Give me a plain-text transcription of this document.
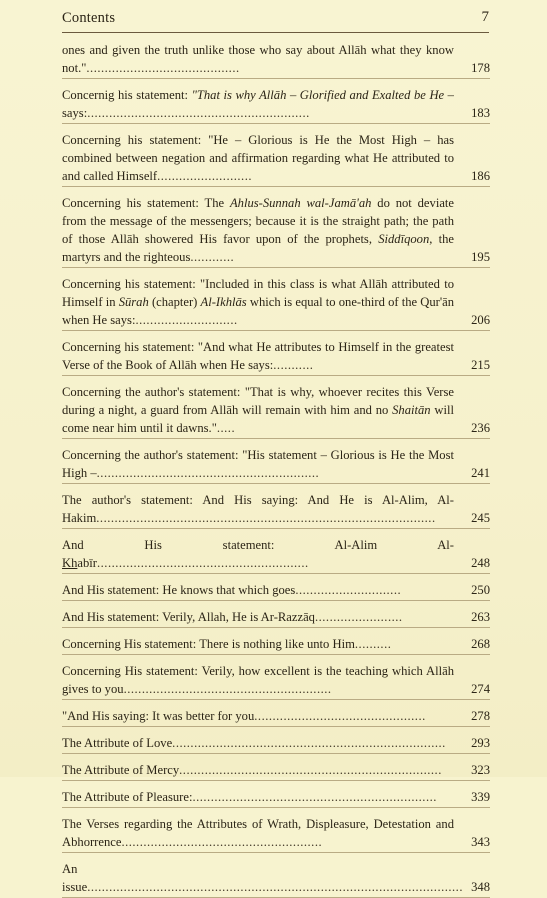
Contents	7
ones and given the truth unlike those who say about Allāh what they know not."..........................................	178
Concernig his statement: "That is why Allāh – Glorified and Exalted be He – says:.............................................................	183
Concerning his statement: "He – Glorious is He the Most High – has combined between negation and affirmation regarding what He attributed to and called Himself..........................	186
Concerning his statement: The Ahlus-Sunnah wal-Jamā'ah do not deviate from the message of the messengers; because it is the straight path; the path of those Allāh showered His favor upon of the prophets, Siddīqoon, the martyrs and the righteous............	195
Concerning his statement: "Included in this class is what Allāh attributed to Himself in Sūrah (chapter) Al-Ikhlās which is equal to one-third of the Qur'ān when He says:............................	206
Concerning his statement: "And what He attributes to Himself in the greatest Verse of the Book of Allāh when He says:...........	215
Concerning the author's statement: "That is why, whoever recites this Verse during a night, a guard from Allāh will remain with him and no Shaitān will come near him until it dawns.".....	236
Concerning the author's statement: "His statement – Glorious is He the Most High –.............................................................	241
The author's statement: And His saying: And He is Al-Alim, Al-Hakim.............................................................................................	245
And His statement: Al-Alim Al-Khabīr..........................................................	248
And His statement: He knows that which goes.............................	250
And His statement: Verily, Allah, He is Ar-Razzāq........................	263
Concerning His statement: There is nothing like unto Him..........	268
Concerning His statement: Verily, how excellent is the teaching which Allāh gives to you.........................................................	274
"And His saying: It was better for you...............................................	278
The Attribute of Love...........................................................................	293
The Attribute of Mercy........................................................................	323
The Attribute of Pleasure:...................................................................	339
The Verses regarding the Attributes of Wrath, Displeasure, Detestation and Abhorrence.......................................................	343
An issue....................................................................................................... 348
